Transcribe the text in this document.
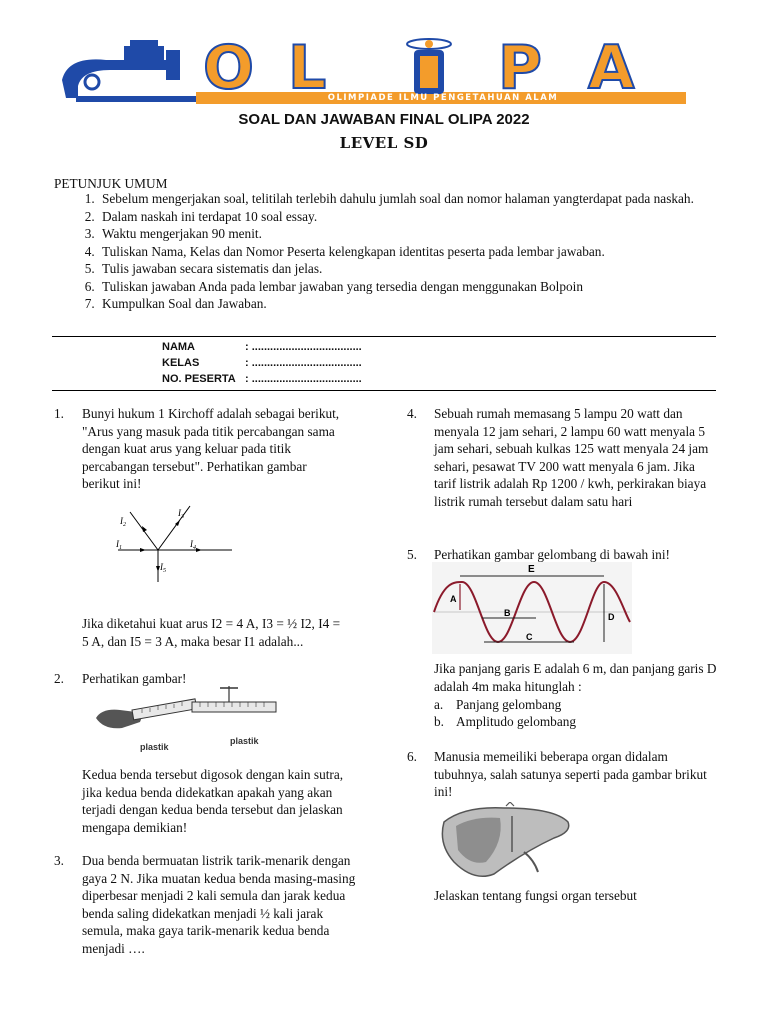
O L	P A
OLIMPIADE ILMU PENGETAHUAN ALAM
SOAL DAN JAWABAN FINAL OLIPA 2022
LEVEL SD
PETUNJUK UMUM
1. Sebelum mengerjakan soal, telitilah terlebih dahulu jumlah soal dan nomor halaman yangterdapat pada naskah.
2. Dalam naskah ini terdapat 10 soal essay.
3. Waktu mengerjakan 90 menit.
4. Tuliskan Nama, Kelas dan Nomor Peserta kelengkapan identitas peserta pada lembar jawaban.
5. Tulis jawaban secara sistematis dan jelas.
6. Tuliskan jawaban Anda pada lembar jawaban yang tersedia dengan menggunakan Bolpoin
7. Kumpulkan Soal dan Jawaban.
NAMA	: ....................................
KELAS	: ....................................
NO. PESERTA : ....................................
1. Bunyi hukum 1 Kirchoff adalah sebagai berikut, "Arus yang masuk pada titik percabangan sama dengan kuat arus yang keluar pada titik percabangan tersebut". Perhatikan gambar berikut ini!
$I_2$
$I_3$
$I_1$	$I_4$
$I_5$
Jika diketahui kuat arus I2 = 4 A, I3 = ½ I2, I4 = 5 A, dan I5 = 3 A, maka besar I1 adalah...
2. Perhatikan gambar!
plastik
plastik
Kedua benda tersebut digosok dengan kain sutra, jika kedua benda didekatkan apakah yang akan terjadi dengan kedua benda tersebut dan jelaskan mengapa demikian!
3. Dua benda bermuatan listrik tarik-menarik dengan gaya 2 N. Jika muatan kedua benda masing-masing diperbesar menjadi 2 kali semula dan jarak kedua benda saling didekatkan menjadi ½ kali jarak semula, maka gaya tarik-menarik kedua benda menjadi ….
4. Sebuah rumah memasang 5 lampu 20 watt dan menyala 12 jam sehari, 2 lampu 60 watt menyala 5 jam sehari, sebuah kulkas 125 watt menyala 24 jam sehari, pesawat TV 200 watt menyala 6 jam. Jika tarif listrik adalah Rp 1200 / kwh, perkirakan biaya listrik rumah tersebut dalam satu hari
5. Perhatikan gambar gelombang di bawah ini!
E
A
B
C
D
Jika panjang garis E adalah 6 m, dan panjang garis D adalah 4m maka hitunglah :
a. Panjang gelombang
b. Amplitudo gelombang
6. Manusia memeiliki beberapa organ didalam tubuhnya, salah satunya seperti pada gambar brikut ini!
Jelaskan tentang fungsi organ tersebut
